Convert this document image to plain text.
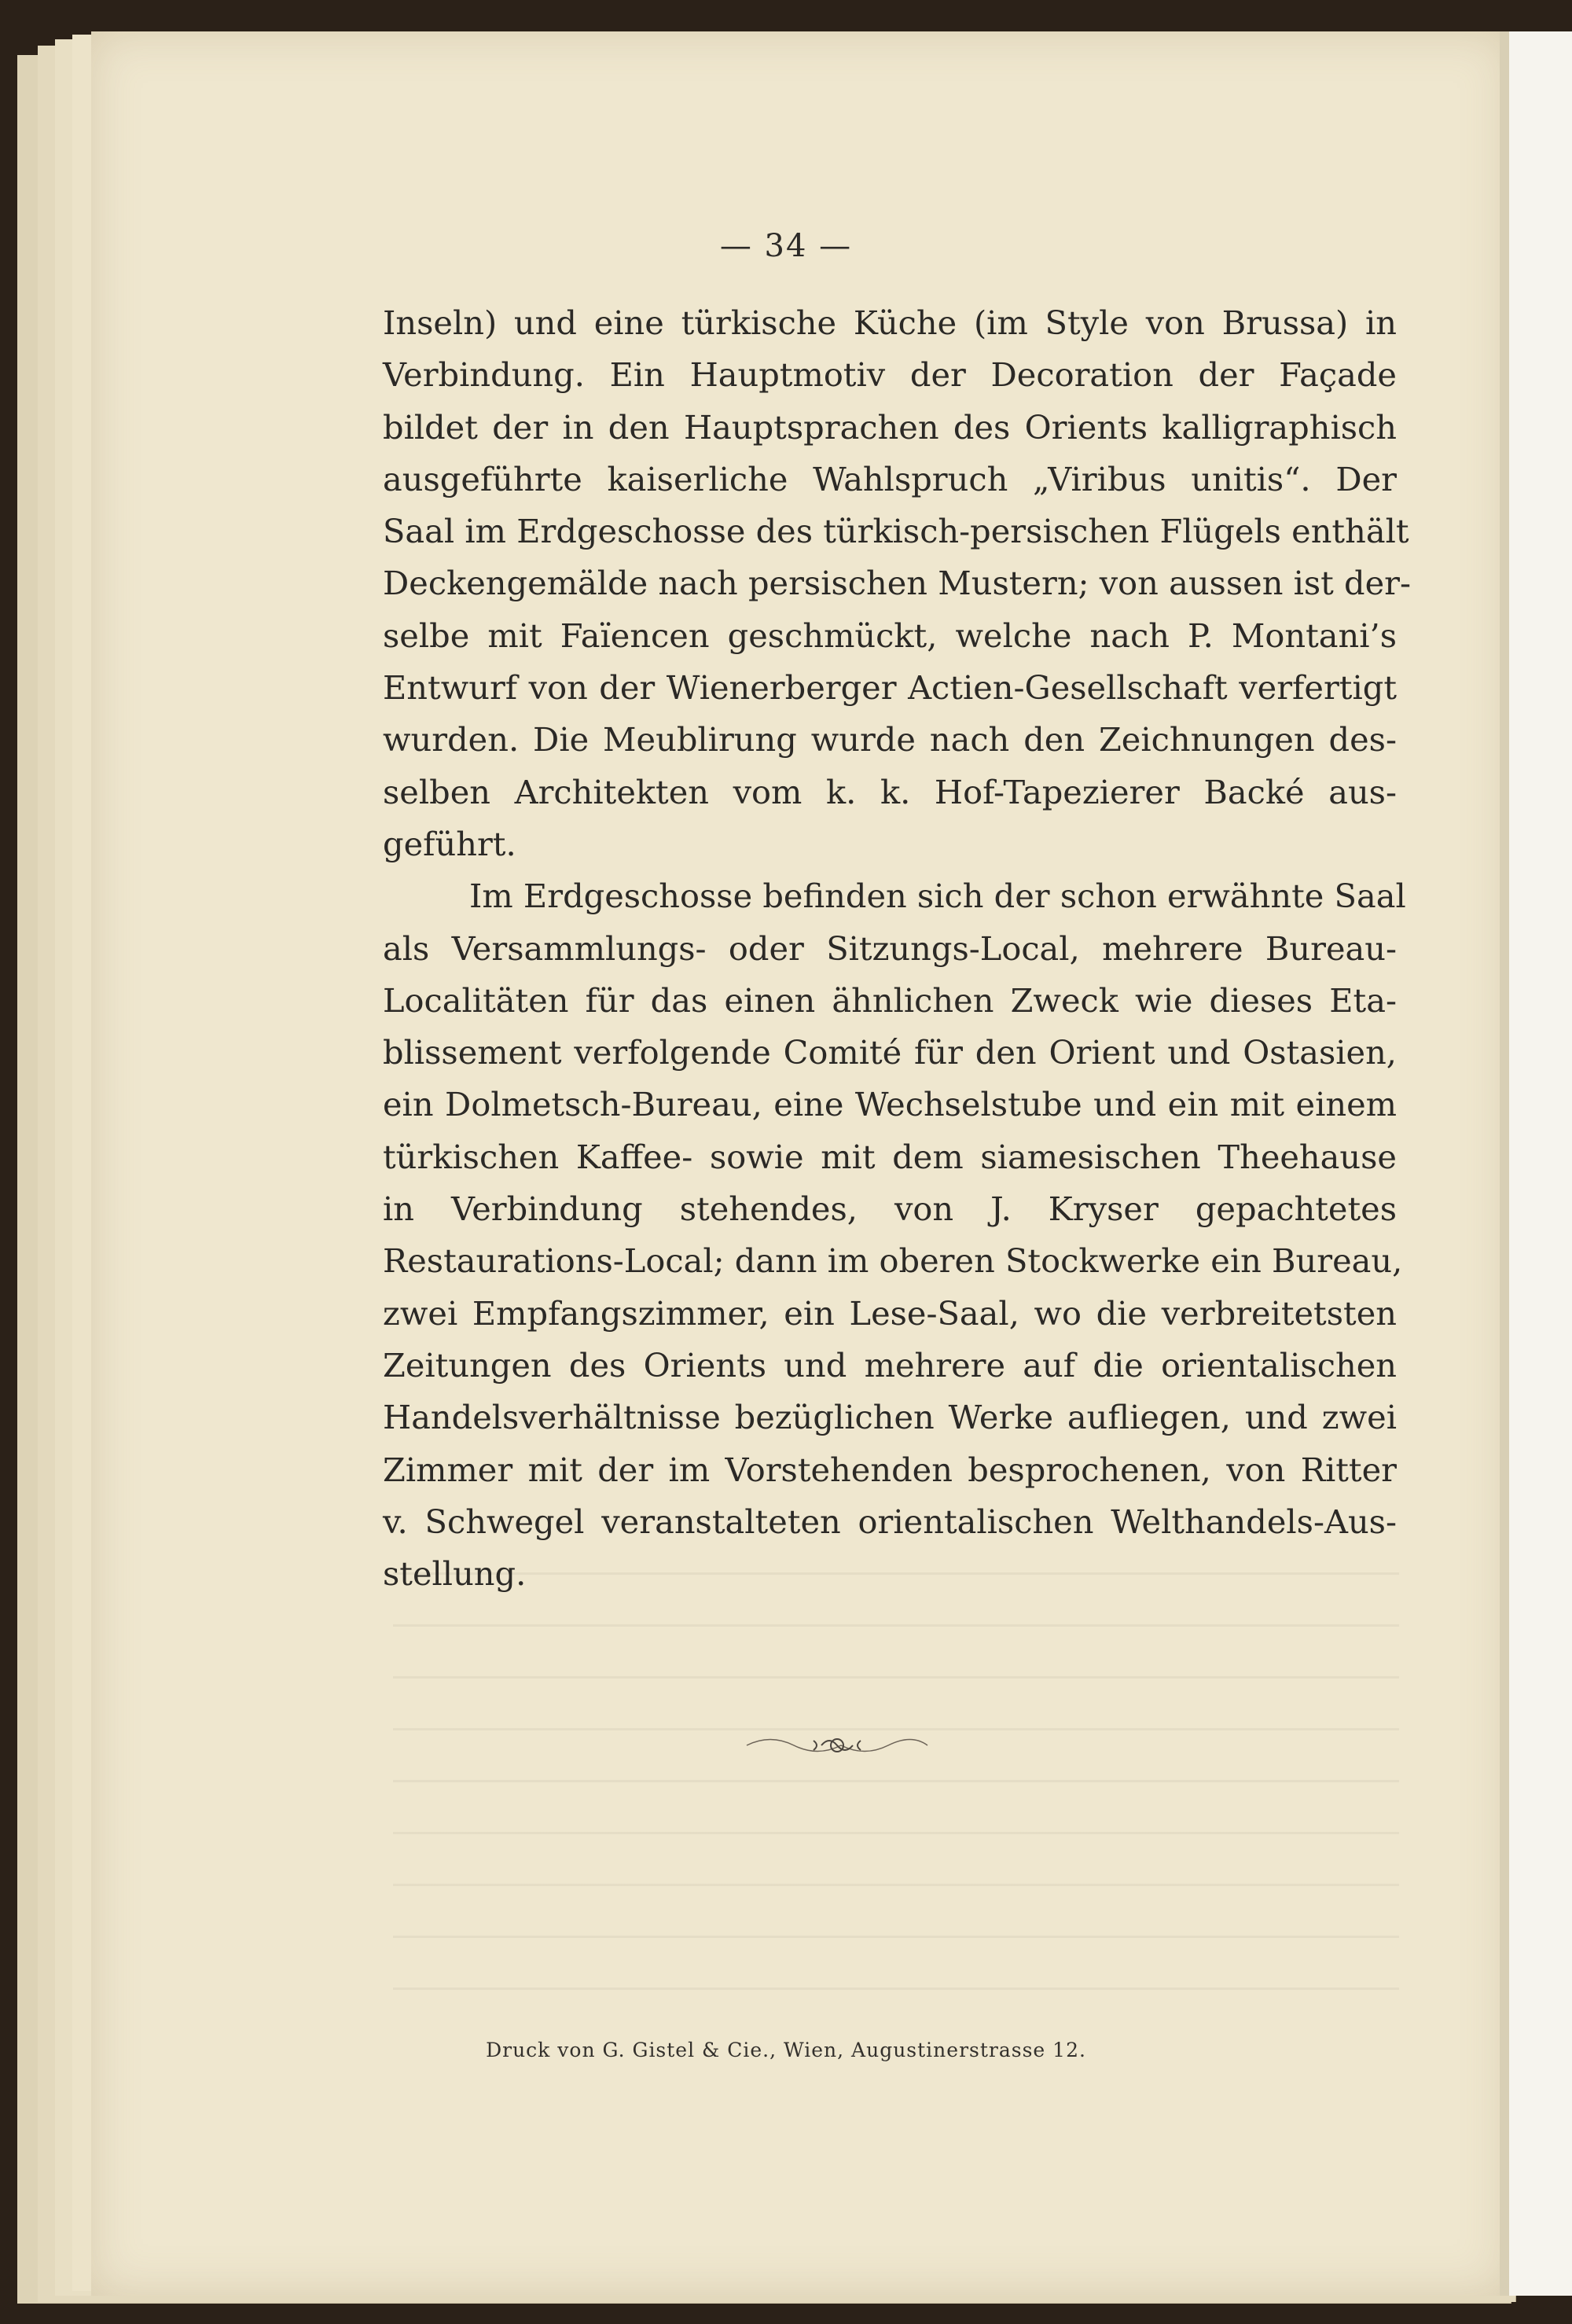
— 34 —
Inseln) und eine türkische Küche (im Style von Brussa) in
Verbindung. Ein Hauptmotiv der Decoration der Façade
bildet der in den Hauptsprachen des Orients kalligraphisch
ausgeführte kaiserliche Wahlspruch „Viribus unitis“. Der
Saal im Erdgeschosse des türkisch-persischen Flügels enthält
Deckengemälde nach persischen Mustern; von aussen ist der-
selbe mit Faïencen geschmückt, welche nach P. Montani’s
Entwurf von der Wienerberger Actien-Gesellschaft verfertigt
wurden. Die Meublirung wurde nach den Zeichnungen des-
selben Architekten vom k. k. Hof-Tapezierer Backé aus-
geführt.
Im Erdgeschosse befinden sich der schon erwähnte Saal
als Versammlungs- oder Sitzungs-Local, mehrere Bureau-
Localitäten für das einen ähnlichen Zweck wie dieses Eta-
blissement verfolgende Comité für den Orient und Ostasien,
ein Dolmetsch-Bureau, eine Wechselstube und ein mit einem
türkischen Kaffee- sowie mit dem siamesischen Theehause
in Verbindung stehendes, von J. Kryser gepachtetes
Restaurations-Local; dann im oberen Stockwerke ein Bureau,
zwei Empfangszimmer, ein Lese-Saal, wo die verbreitetsten
Zeitungen des Orients und mehrere auf die orientalischen
Handelsverhältnisse bezüglichen Werke aufliegen, und zwei
Zimmer mit der im Vorstehenden besprochenen, von Ritter
v. Schwegel veranstalteten orientalischen Welthandels-Aus-
stellung.
Druck von G. Gistel & Cie., Wien, Augustinerstrasse 12.
